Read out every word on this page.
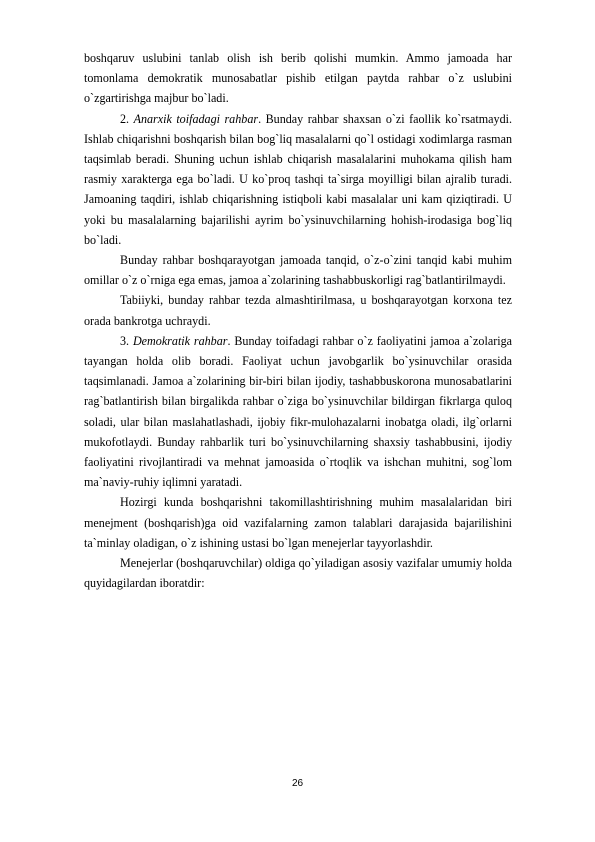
boshqaruv uslubini tanlab olish ish berib qolishi mumkin. Ammo jamoada har tomonlama demokratik munosabatlar pishib etilgan paytda rahbar o`z uslubini o`zgartirishga majbur bo`ladi.

2. Anarxik toifadagi rahbar. Bunday rahbar shaxsan o`zi faollik ko`rsatmaydi. Ishlab chiqarishni boshqarish bilan bog`liq masalalarni qo`l ostidagi xodimlarga rasman taqsimlab beradi. Shuning uchun ishlab chiqarish masalalarini muhokama qilish ham rasmiy xarakterga ega bo`ladi. U ko`proq tashqi ta`sirga moyilligi bilan ajralib turadi. Jamoaning taqdiri, ishlab chiqarishning istiqboli kabi masalalar uni kam qiziqtiradi. U yoki bu masalalarning bajarilishi ayrim bo`ysinuvchilarning hohish-irodasiga bog`liq bo`ladi.

Bunday rahbar boshqarayotgan jamoada tanqid, o`z-o`zini tanqid kabi muhim omillar o`z o`rniga ega emas, jamoa a`zolarining tashabbuskorligi rag`batlantirilmaydi.

Tabiiyki, bunday rahbar tezda almashtirilmasa, u boshqarayotgan korxona tez orada bankrotga uchraydi.

3. Demokratik rahbar. Bunday toifadagi rahbar o`z faoliyatini jamoa a`zolariga tayangan holda olib boradi. Faoliyat uchun javobgarlik bo`ysinuvchilar orasida taqsimlanadi. Jamoa a`zolarining bir-biri bilan ijodiy, tashabbuskorona munosabatlarini rag`batlantirish bilan birgalikda rahbar o`ziga bo`ysinuvchilar bildirgan fikrlarga quloq soladi, ular bilan maslahatlashadi, ijobiy fikr-mulohazalarni inobatga oladi, ilg`orlarni mukofotlaydi. Bunday rahbarlik turi bo`ysinuvchilarning shaxsiy tashabbusini, ijodiy faoliyatini rivojlantiradi va mehnat jamoasida o`rtoqlik va ishchan muhitni, sog`lom ma`naviy-ruhiy iqlimni yaratadi.

Hozirgi kunda boshqarishni takomillashtirishning muhim masalalaridan biri menejment (boshqarish)ga oid vazifalarning zamon talablari darajasida bajarilishini ta`minlay oladigan, o`z ishining ustasi bo`lgan menejerlar tayyorlashdir.

Menejerlar (boshqaruvchilar) oldiga qo`yiladigan asosiy vazifalar umumiy holda quyidagilardan iboratdir:

26
